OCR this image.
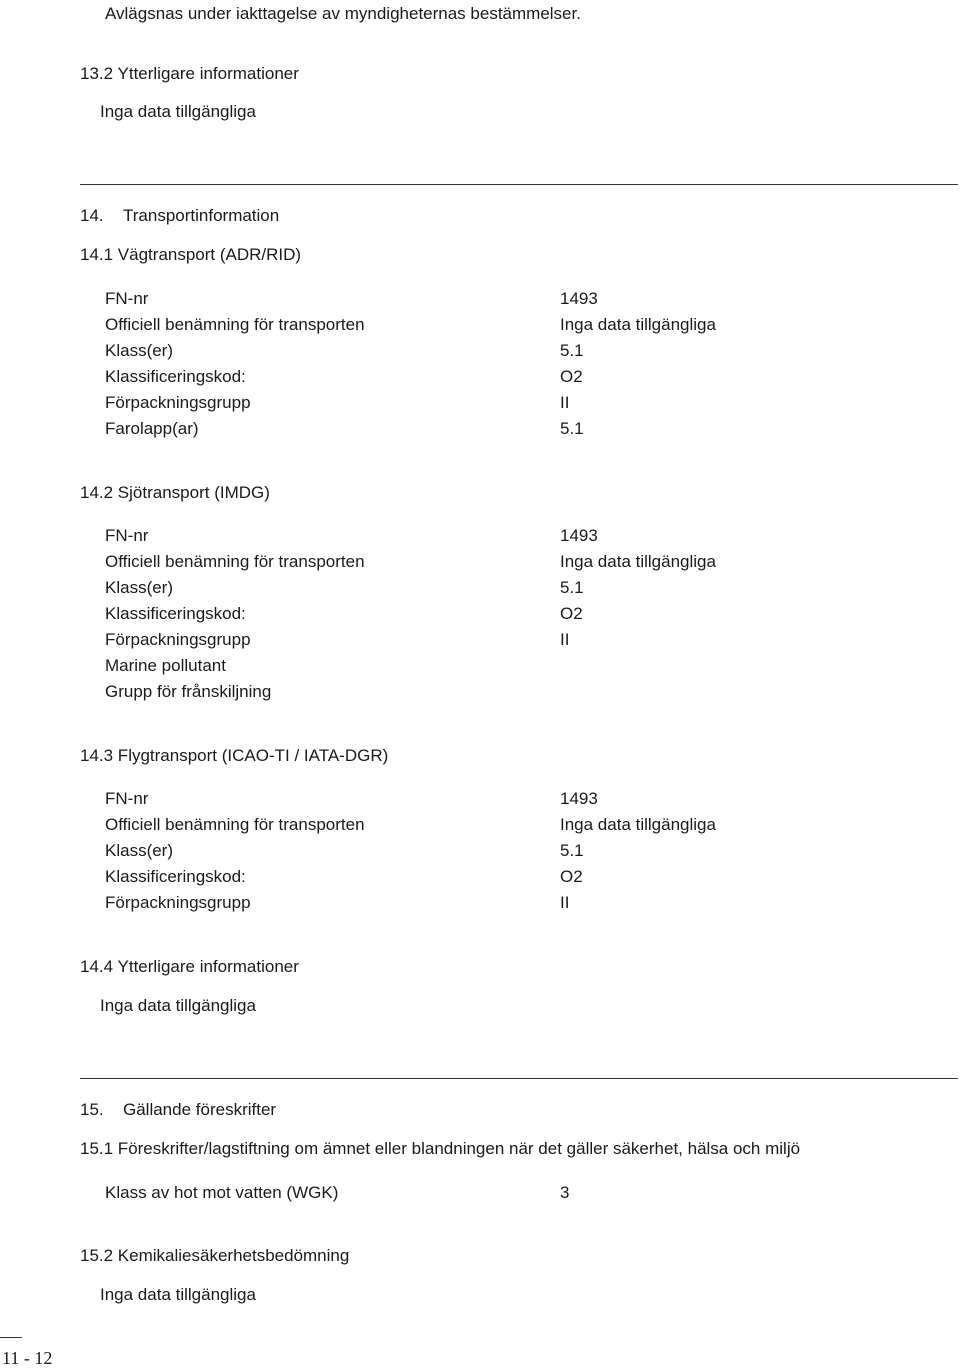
Avlägsnas under iakttagelse av myndigheternas bestämmelser.
13.2 Ytterligare informationer
Inga data tillgängliga
14. Transportinformation
14.1 Vägtransport (ADR/RID)
FN-nr	1493
Officiell benämning för transporten	Inga data tillgängliga
Klass(er)	5.1
Klassificeringskod:	O2
Förpackningsgrupp	II
Farolapp(ar)	5.1
14.2 Sjötransport (IMDG)
FN-nr	1493
Officiell benämning för transporten	Inga data tillgängliga
Klass(er)	5.1
Klassificeringskod:	O2
Förpackningsgrupp	II
Marine pollutant
Grupp för frånskiljning
14.3 Flygtransport (ICAO-TI / IATA-DGR)
FN-nr	1493
Officiell benämning för transporten	Inga data tillgängliga
Klass(er)	5.1
Klassificeringskod:	O2
Förpackningsgrupp	II
14.4 Ytterligare informationer
Inga data tillgängliga
15. Gällande föreskrifter
15.1 Föreskrifter/lagstiftning om ämnet eller blandningen när det gäller säkerhet, hälsa och miljö
Klass av hot mot vatten (WGK)	3
15.2 Kemikaliesäkerhetsbedömning
Inga data tillgängliga
11 - 12
